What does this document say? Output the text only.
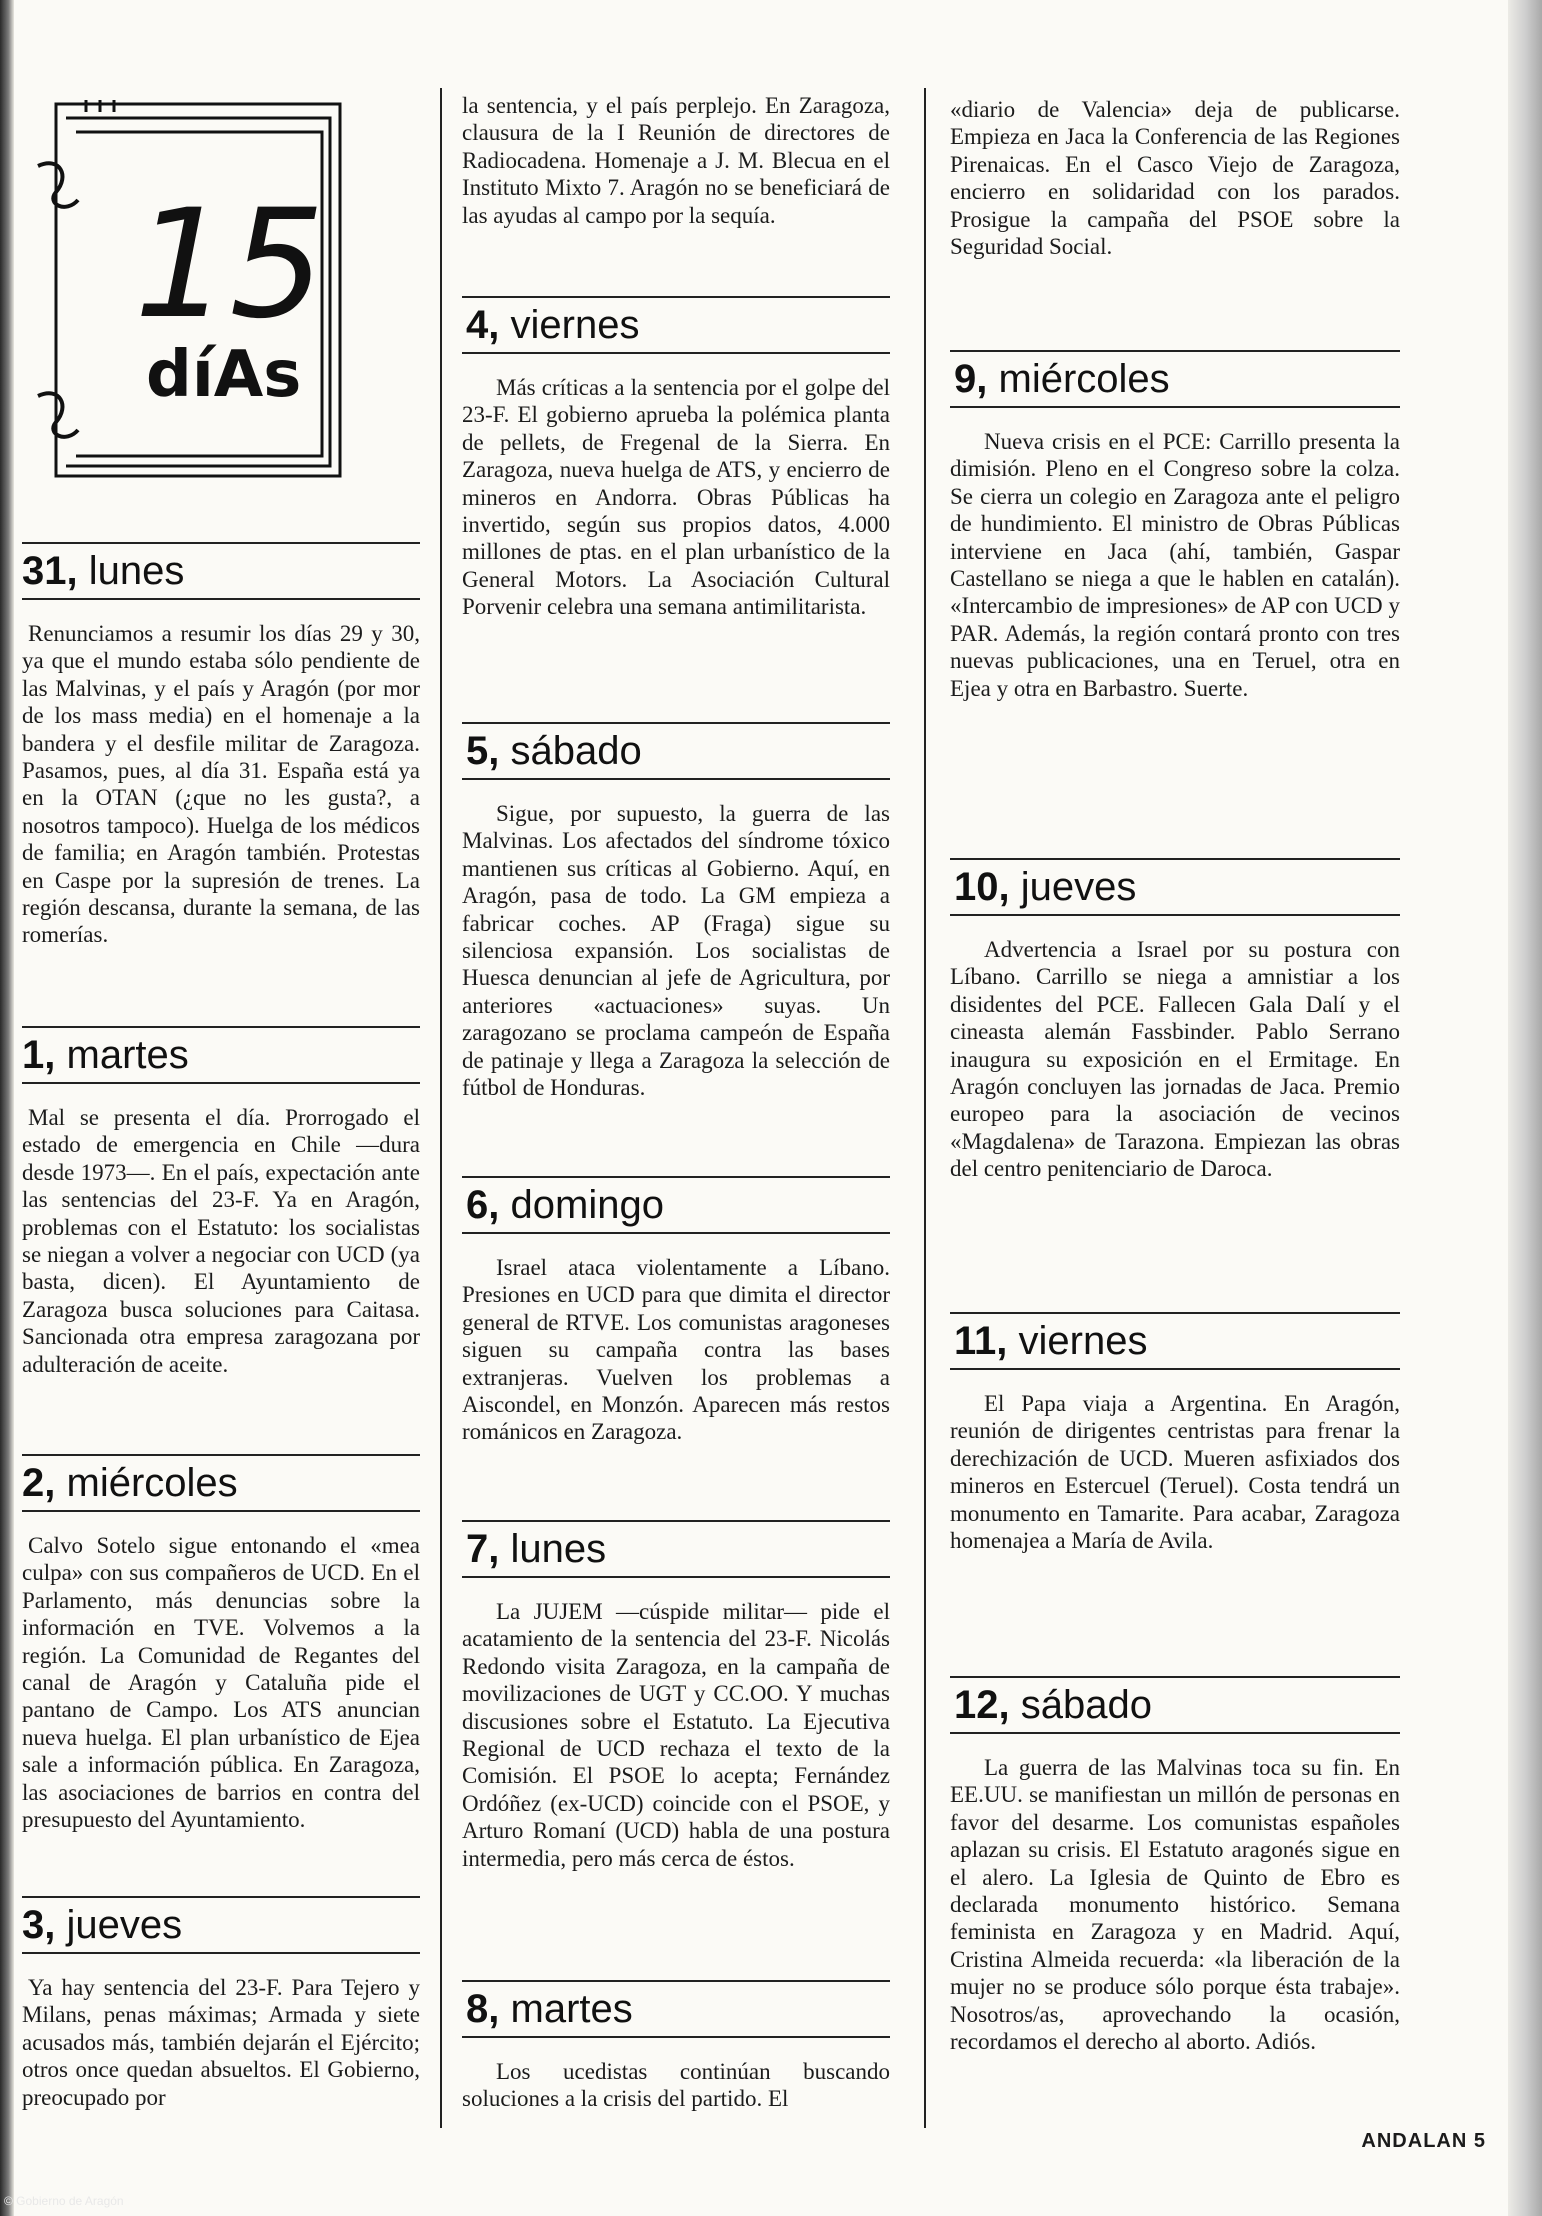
15
díAs
31, lunes

Renunciamos a resumir los días 29 y 30, ya que el mundo estaba sólo pendiente de las Malvinas, y el país y Aragón (por mor de los mass media) en el homenaje a la bandera y el desfile militar de Zaragoza. Pasamos, pues, al día 31. España está ya en la OTAN (¿que no les gusta?, a nosotros tampoco). Huelga de los médicos de familia; en Aragón también. Protestas en Caspe por la supresión de trenes. La región descansa, durante la semana, de las romerías.

1, martes

Mal se presenta el día. Prorrogado el estado de emergencia en Chile —dura desde 1973—. En el país, expectación ante las sentencias del 23-F. Ya en Aragón, problemas con el Estatuto: los socialistas se niegan a volver a negociar con UCD (ya basta, dicen). El Ayuntamiento de Zaragoza busca soluciones para Caitasa. Sancionada otra empresa zaragozana por adulteración de aceite.

2, miércoles

Calvo Sotelo sigue entonando el «mea culpa» con sus compañeros de UCD. En el Parlamento, más denuncias sobre la información en TVE. Volvemos a la región. La Comunidad de Regantes del canal de Aragón y Cataluña pide el pantano de Campo. Los ATS anuncian nueva huelga. El plan urbanístico de Ejea sale a información pública. En Zaragoza, las asociaciones de barrios en contra del presupuesto del Ayuntamiento.

3, jueves

Ya hay sentencia del 23-F. Para Tejero y Milans, penas máximas; Armada y siete acusados más, también dejarán el Ejército; otros once quedan absueltos. El Gobierno, preocupado por

la sentencia, y el país perplejo. En Zaragoza, clausura de la I Reunión de directores de Radiocadena. Homenaje a J. M. Blecua en el Instituto Mixto 7. Aragón no se beneficiará de las ayudas al campo por la sequía.

4, viernes

Más críticas a la sentencia por el golpe del 23-F. El gobierno aprueba la polémica planta de pellets, de Fregenal de la Sierra. En Zaragoza, nueva huelga de ATS, y encierro de mineros en Andorra. Obras Públicas ha invertido, según sus propios datos, 4.000 millones de ptas. en el plan urbanístico de la General Motors. La Asociación Cultural Porvenir celebra una semana antimilitarista.

5, sábado

Sigue, por supuesto, la guerra de las Malvinas. Los afectados del síndrome tóxico mantienen sus críticas al Gobierno. Aquí, en Aragón, pasa de todo. La GM empieza a fabricar coches. AP (Fraga) sigue su silenciosa expansión. Los socialistas de Huesca denuncian al jefe de Agricultura, por anteriores «actuaciones» suyas. Un zaragozano se proclama campeón de España de patinaje y llega a Zaragoza la selección de fútbol de Honduras.

6, domingo

Israel ataca violentamente a Líbano. Presiones en UCD para que dimita el director general de RTVE. Los comunistas aragoneses siguen su campaña contra las bases extranjeras. Vuelven los problemas a Aiscondel, en Monzón. Aparecen más restos románicos en Zaragoza.

7, lunes

La JUJEM —cúspide militar— pide el acatamiento de la sentencia del 23-F. Nicolás Redondo visita Zaragoza, en la campaña de movilizaciones de UGT y CC.OO. Y muchas discusiones sobre el Estatuto. La Ejecutiva Regional de UCD rechaza el texto de la Comisión. El PSOE lo acepta; Fernández Ordóñez (ex-UCD) coincide con el PSOE, y Arturo Romaní (UCD) habla de una postura intermedia, pero más cerca de éstos.

8, martes

Los ucedistas continúan buscando soluciones a la crisis del partido. El

«diario de Valencia» deja de publicarse. Empieza en Jaca la Conferencia de las Regiones Pirenaicas. En el Casco Viejo de Zaragoza, encierro en solidaridad con los parados. Prosigue la campaña del PSOE sobre la Seguridad Social.

9, miércoles

Nueva crisis en el PCE: Carrillo presenta la dimisión. Pleno en el Congreso sobre la colza. Se cierra un colegio en Zaragoza ante el peligro de hundimiento. El ministro de Obras Públicas interviene en Jaca (ahí, también, Gaspar Castellano se niega a que le hablen en catalán). «Intercambio de impresiones» de AP con UCD y PAR. Además, la región contará pronto con tres nuevas publicaciones, una en Teruel, otra en Ejea y otra en Barbastro. Suerte.

10, jueves

Advertencia a Israel por su postura con Líbano. Carrillo se niega a amnistiar a los disidentes del PCE. Fallecen Gala Dalí y el cineasta alemán Fassbinder. Pablo Serrano inaugura su exposición en el Ermitage. En Aragón concluyen las jornadas de Jaca. Premio europeo para la asociación de vecinos «Magdalena» de Tarazona. Empiezan las obras del centro penitenciario de Daroca.

11, viernes

El Papa viaja a Argentina. En Aragón, reunión de dirigentes centristas para frenar la derechización de UCD. Mueren asfixiados dos mineros en Estercuel (Teruel). Costa tendrá un monumento en Tamarite. Para acabar, Zaragoza homenajea a María de Avila.

12, sábado

La guerra de las Malvinas toca su fin. En EE.UU. se manifiestan un millón de personas en favor del desarme. Los comunistas españoles aplazan su crisis. El Estatuto aragonés sigue en el alero. La Iglesia de Quinto de Ebro es declarada monumento histórico. Semana feminista en Zaragoza y en Madrid. Aquí, Cristina Almeida recuerda: «la liberación de la mujer no se produce sólo porque ésta trabaje». Nosotros/as, aprovechando la ocasión, recordamos el derecho al aborto. Adiós.

ANDALAN 5
© Gobierno de Aragón
